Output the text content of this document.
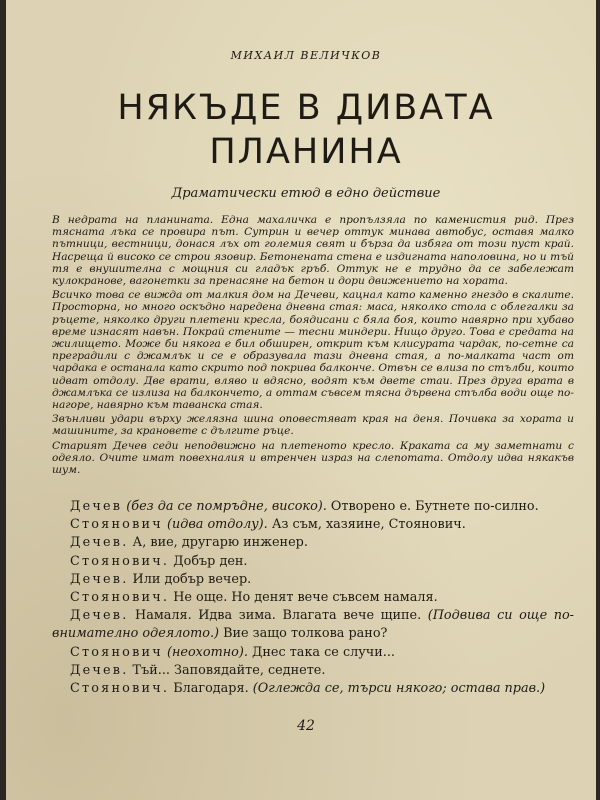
МИХАИЛ ВЕЛИЧКОВ
НЯКЪДЕ В ДИВАТА
ПЛАНИНА
Драматически етюд в едно действие

В недрата на планината. Една махаличка е пропълзяла по каменистия рид. През тясната лъка се провира път. Сутрин и вечер оттук минава автобус, оставя малко пътници, вестници, донася лъх от големия свят и бърза да избяга от този пуст край. Насреща й високо се строи язовир. Бетонената стена е издигната наполовина, но и тъй тя е внушителна с мощния си гладък гръб. Оттук не е трудно да се забележат кулокранове, вагонетки за пренасяне на бетон и дори движението на хората.

Всичко това се вижда от малкия дом на Дечеви, кацнал като каменно гнездо в скалите. Просторна, но много оскъдно наредена дневна стая: маса, няколко стола с облегалки за ръцете, няколко други плетени кресла, боядисани с бяла боя, които навярно при хубаво време изнасят навън. Покрай стените — тесни миндери. Нищо друго. Това е средата на жилището. Може би някога е бил обширен, открит към клисурата чардак, по-сетне са преградили с джамлък и се е образувала тази дневна стая, а по-малката част от чардака е останала като скрито под покрива балконче. Отвън се влиза по стълби, които идват отдолу. Две врати, вляво и вдясно, водят към двете стаи. През другa врата в джамлъка се излиза на балкончето, а оттам съвсем тясна дървена стълба води още по-нагоре, навярно към таванска стая.

Звънливи удари върху желязна шина оповестяват края на деня. Почивка за хората и машините, за крановете с дългите ръце.

Старият Дечев седи неподвижно на плетеното кресло. Краката са му заметнати с одеяло. Очите имат повехналия и втренчен израз на слепотата. Отдолу идва някакъв шум.

Дечев (без да се помръдне, високо). Отворено е. Бутнете по-силно.

Стоянович (идва отдолу). Аз съм, хазяине, Стоянович.

Дечев. А, вие, другарю инженер.

Стоянович. Добър ден.

Дечев. Или добър вечер.

Стоянович. Не още. Но денят вече съвсем намаля.

Дечев. Намаля. Идва зима. Влагата вече щипе. (Подвива си още по-внимателно одеялото.) Вие защо толкова рано?

Стоянович (неохотно). Днес така се случи...

Дечев. Тъй... Заповядайте, седнете.

Стоянович. Благодаря. (Оглежда се, търси някого; остава прав.)

42
